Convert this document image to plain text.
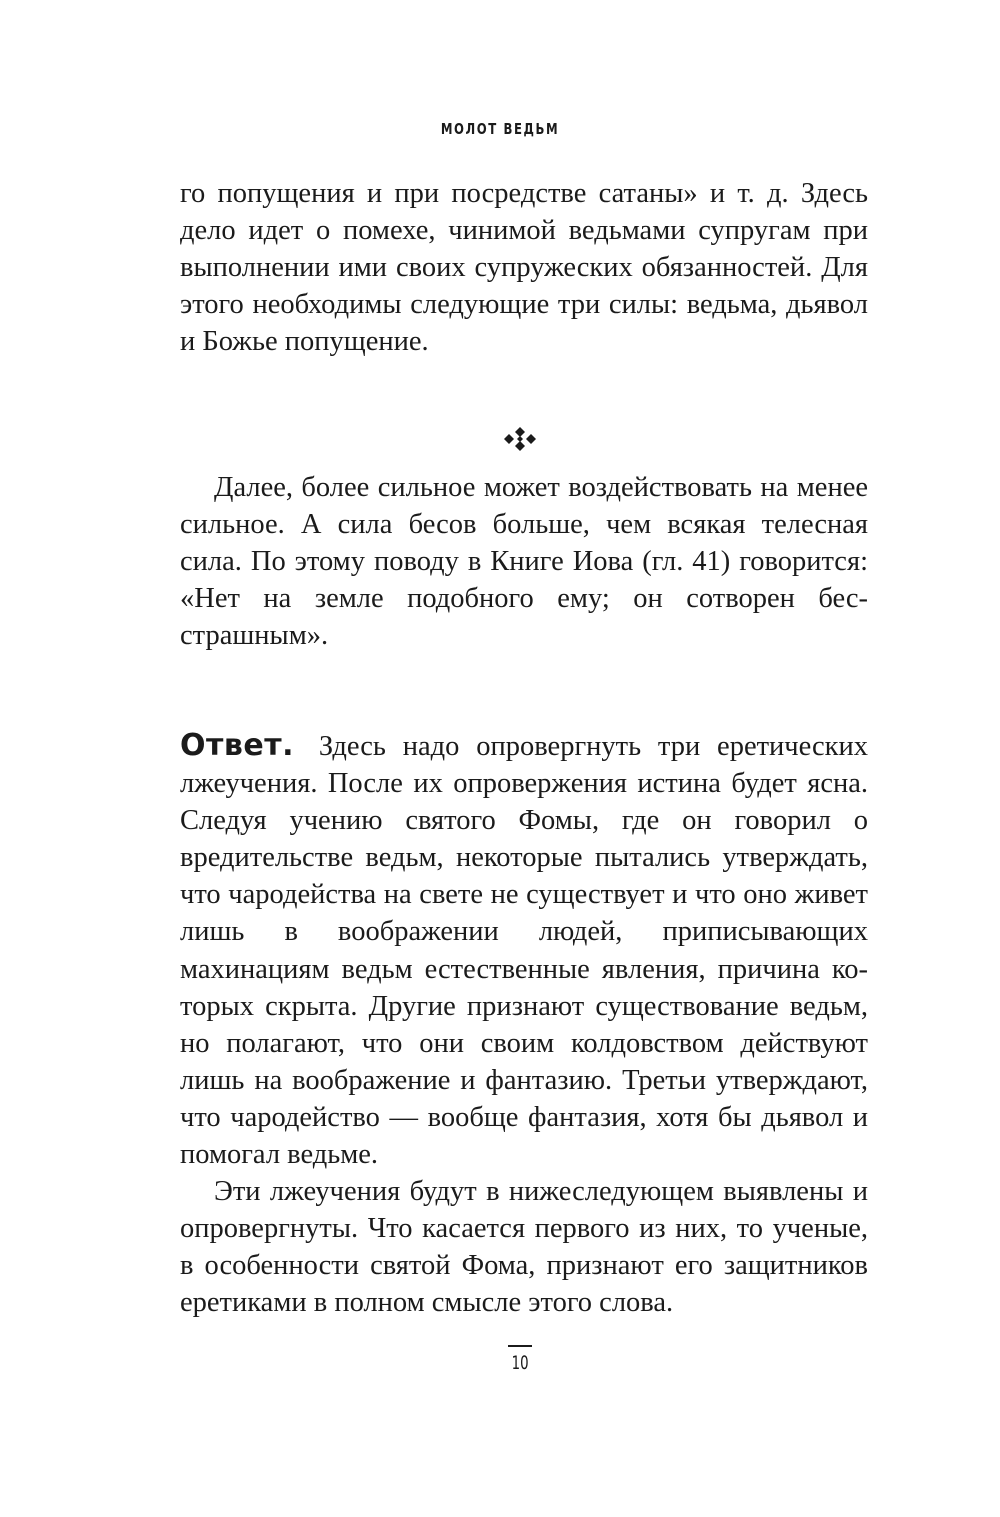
МОЛОТ ВЕДЬМ

го попущения и при посредстве сатаны» и т. д. Здесь дело идет о помехе, чинимой ведьмами супругам при выполнении ими своих супружеских обязанностей. Для этого необходимы следующие три силы: ведьма, дьявол и Божье попущение.

Далее, более сильное может воздействовать на менее сильное. А сила бесов больше, чем всякая телесная сила. По этому поводу в Книге Иова (гл. 41) говорится: «Нет на земле подобного ему; он сотворен бесстрашным».

Ответ. Здесь надо опровергнуть три еретических лжеучения. После их опровержения истина будет ясна. Следуя учению святого Фомы, где он говорил о вредительстве ведьм, некоторые пытались утверждать, что чародейства на свете не существует и что оно живет лишь в воображении людей, приписывающих махинациям ведьм естественные явления, причина которых скрыта. Другие признают существование ведьм, но полагают, что они своим колдовством действуют лишь на воображение и фантазию. Третьи утверждают, что чародейство — вообще фантазия, хотя бы дьявол и помогал ведьме.

Эти лжеучения будут в нижеследующем выявлены и опровергнуты. Что касается первого из них, то ученые, в особенности святой Фома, признают его защитников еретиками в полном смысле этого слова.

10
